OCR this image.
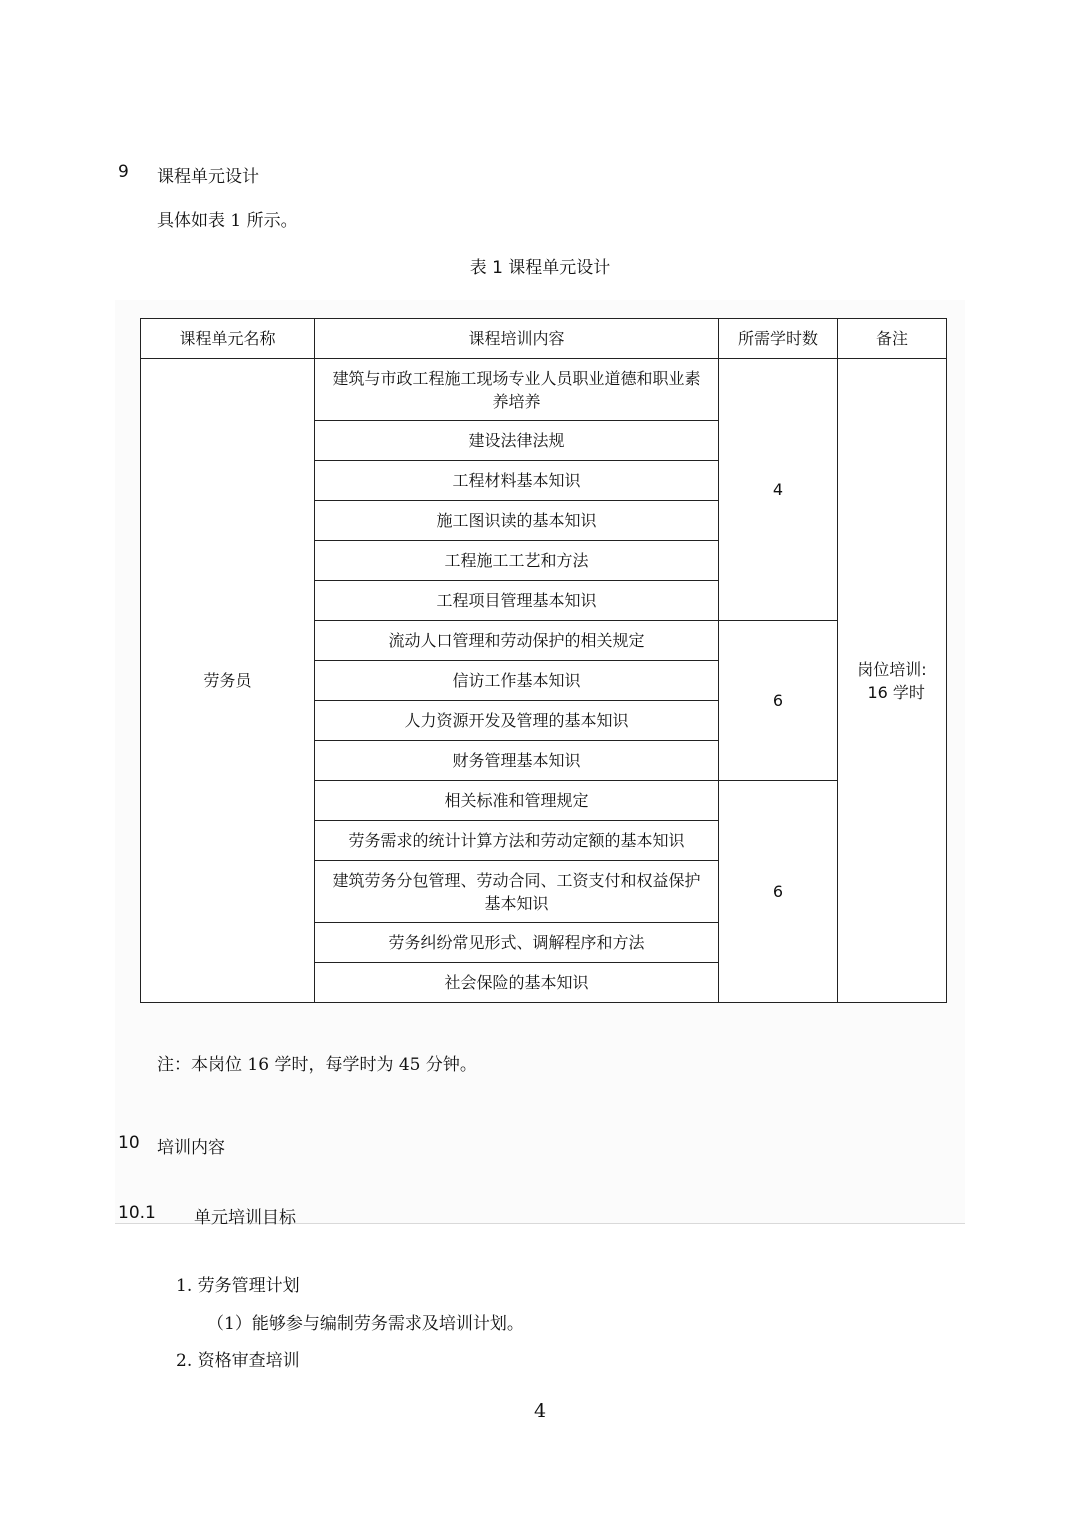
9 课程单元设计
具体如表 1 所示。
表 1 课程单元设计
课程单元名称	课程培训内容	所需学时数	备注
劳务员	建筑与市政工程施工现场专业人员职业道德和职业素养培养	4	岗位培训:
16 学时
	建设法律法规		
	工程材料基本知识		
	施工图识读的基本知识		
	工程施工工艺和方法		
	工程项目管理基本知识		
	流动人口管理和劳动保护的相关规定	6	
	信访工作基本知识		
	人力资源开发及管理的基本知识		
	财务管理基本知识		
	相关标准和管理规定	6	
	劳务需求的统计计算方法和劳动定额的基本知识		
	建筑劳务分包管理、劳动合同、工资支付和权益保护基本知识		
	劳务纠纷常见形式、调解程序和方法		
	社会保险的基本知识		
注：本岗位 16 学时，每学时为 45 分钟。
10 培训内容
10.1 单元培训目标
1. 劳务管理计划
（1）能够参与编制劳务需求及培训计划。
2. 资格审查培训
4
